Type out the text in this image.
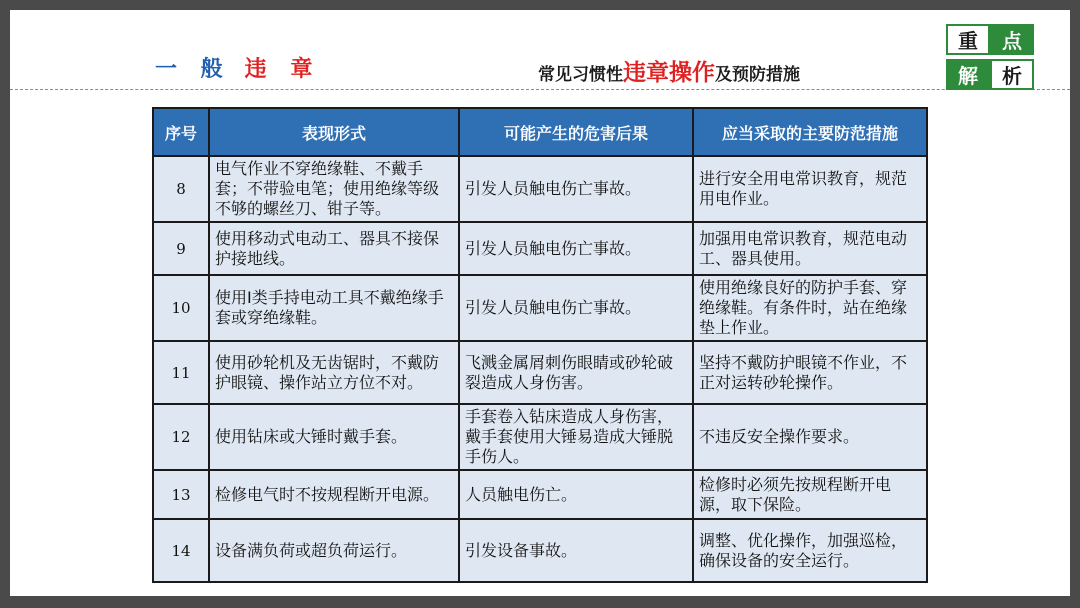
一 般 违 章	常见习惯性违章操作及预防措施
重	点
解	析
序号	表现形式	可能产生的危害后果	应当采取的主要防范措施
8	电气作业不穿绝缘鞋、不戴手套；不带验电笔；使用绝缘等级不够的螺丝刀、钳子等。	引发人员触电伤亡事故。	进行安全用电常识教育，规范用电作业。
9	使用移动式电动工、器具不接保护接地线。	引发人员触电伤亡事故。	加强用电常识教育，规范电动工、器具使用。
10	使用Ⅰ类手持电动工具不戴绝缘手套或穿绝缘鞋。	引发人员触电伤亡事故。	使用绝缘良好的防护手套、穿绝缘鞋。有条件时，站在绝缘垫上作业。
11	使用砂轮机及无齿锯时，不戴防护眼镜、操作站立方位不对。	飞溅金属屑刺伤眼睛或砂轮破裂造成人身伤害。	坚持不戴防护眼镜不作业，不正对运转砂轮操作。
12	使用钻床或大锤时戴手套。	手套卷入钻床造成人身伤害，戴手套使用大锤易造成大锤脱手伤人。	不违反安全操作要求。
13	检修电气时不按规程断开电源。	人员触电伤亡。	检修时必须先按规程断开电源，取下保险。
14	设备满负荷或超负荷运行。	引发设备事故。	调整、优化操作，加强巡检，确保设备的安全运行。
